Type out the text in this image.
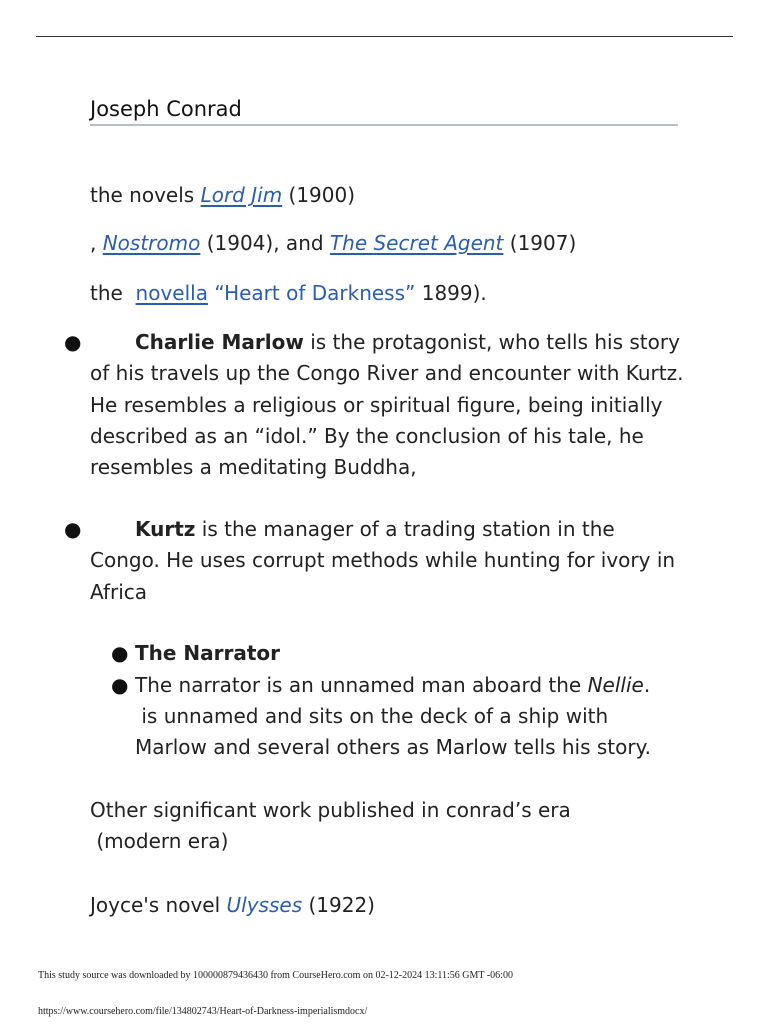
Joseph Conrad
the novels Lord Jim (1900)
, Nostromo (1904), and The Secret Agent (1907)
the  novella “Heart of Darkness” 1899).
●	Charlie Marlow is the protagonist, who tells his story of his travels up the Congo River and encounter with Kurtz. He resembles a religious or spiritual figure, being initially described as an “idol.” By the conclusion of his tale, he resembles a meditating Buddha,
●	Kurtz is the manager of a trading station in the Congo. He uses corrupt methods while hunting for ivory in Africa
● The Narrator
● The narrator is an unnamed man aboard the Nellie.
is unnamed and sits on the deck of a ship with
Marlow and several others as Marlow tells his story.
Other significant work published in conrad’s era
(modern era)
Joyce's novel Ulysses (1922)
This study source was downloaded by 100000879436430 from CourseHero.com on 02-12-2024 13:11:56 GMT -06:00
https://www.coursehero.com/file/134802743/Heart-of-Darkness-imperialismdocx/
